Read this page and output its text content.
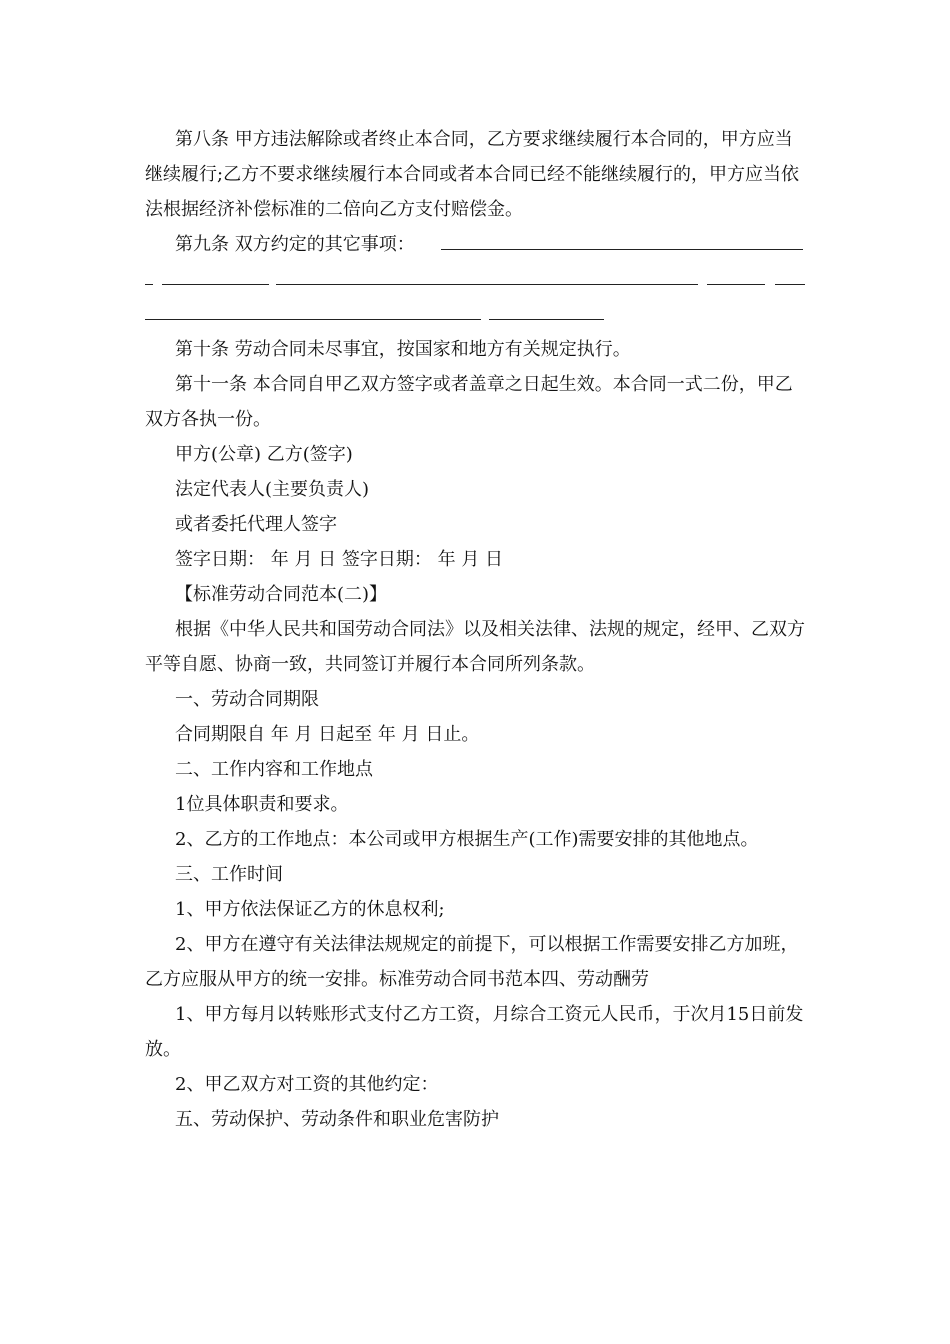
第八条 甲方违法解除或者终止本合同，乙方要求继续履行本合同的，甲方应当继续履行;乙方不要求继续履行本合同或者本合同已经不能继续履行的，甲方应当依法根据经济补偿标准的二倍向乙方支付赔偿金。

第九条 双方约定的其它事项：

第十条 劳动合同未尽事宜，按国家和地方有关规定执行。

第十一条 本合同自甲乙双方签字或者盖章之日起生效。本合同一式二份，甲乙双方各执一份。

甲方(公章) 乙方(签字)

法定代表人(主要负责人)

或者委托代理人签字

签字日期： 年 月 日 签字日期： 年 月 日

【标准劳动合同范本(二)】

根据《中华人民共和国劳动合同法》以及相关法律、法规的规定，经甲、乙双方平等自愿、协商一致，共同签订并履行本合同所列条款。

一、劳动合同期限

合同期限自 年 月 日起至 年 月 日止。

二、工作内容和工作地点

1位具体职责和要求。

2、乙方的工作地点：本公司或甲方根据生产(工作)需要安排的其他地点。

三、工作时间

1、甲方依法保证乙方的休息权利;

2、甲方在遵守有关法律法规规定的前提下，可以根据工作需要安排乙方加班，乙方应服从甲方的统一安排。标准劳动合同书范本四、劳动酬劳

1、甲方每月以转账形式支付乙方工资，月综合工资元人民币，于次月15日前发放。

2、甲乙双方对工资的其他约定：

五、劳动保护、劳动条件和职业危害防护
